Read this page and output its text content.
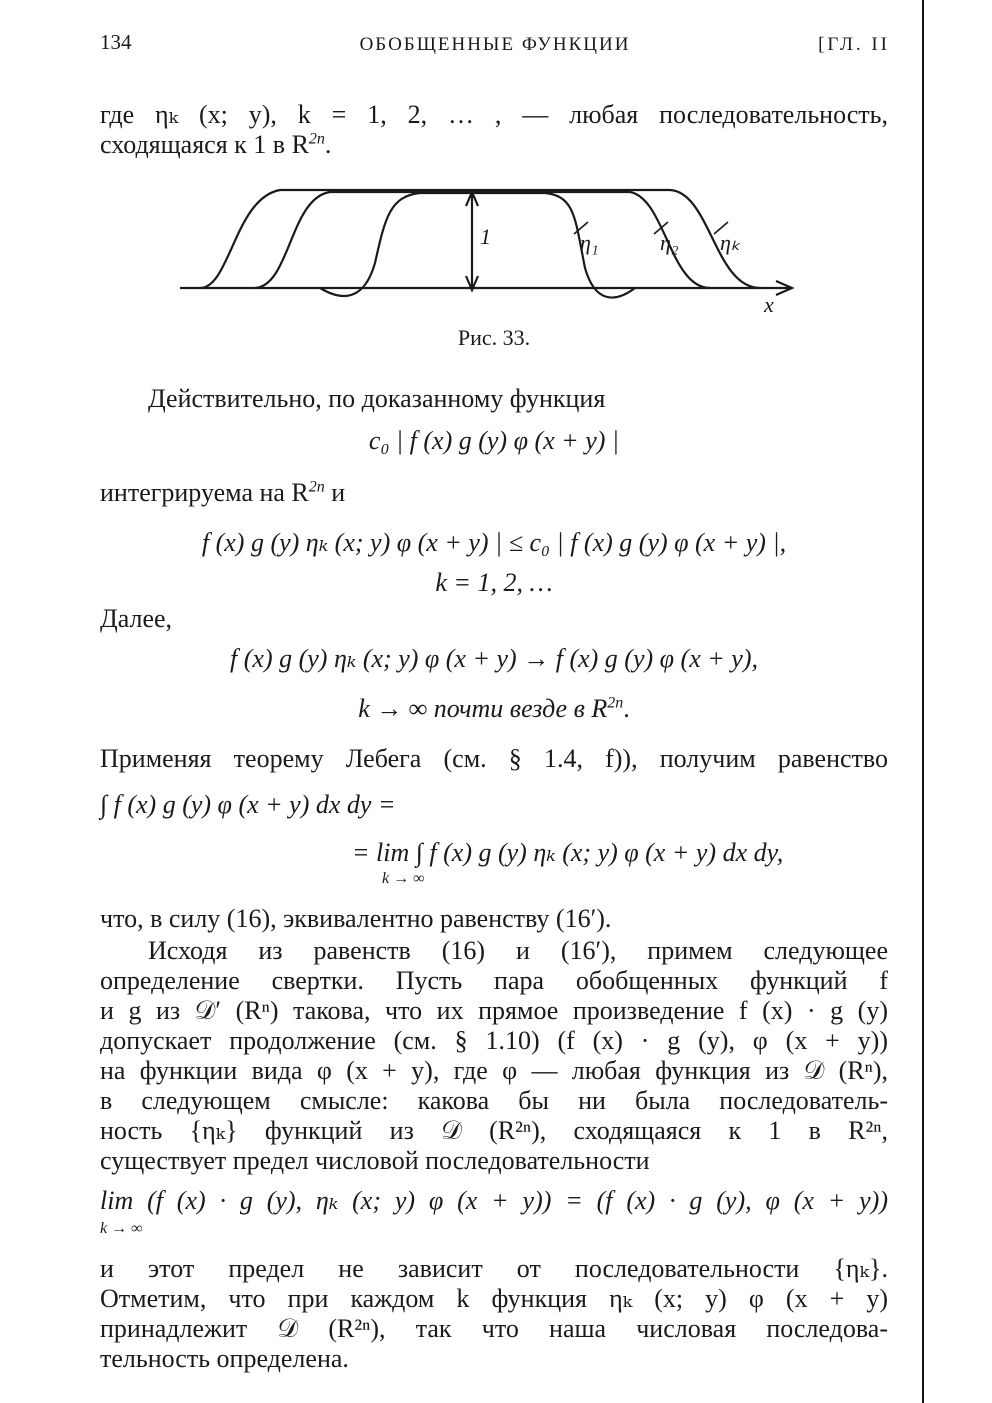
134	ОБОБЩЕННЫЕ ФУНКЦИИ	[ГЛ. II
где ηₖ (x; y), k = 1, 2, … , — любая последовательность,
сходящаяся к 1 в $R^{2n}$.
1	η₁	η₂ ηₖ
x
Рис. 33.
Действительно, по доказанному функция
c₀ | f (x) g (y) φ (x + y) |
интегрируема на $R^{2n}$ и
f (x) g (y) ηₖ (x; y) φ (x + y) | ≤ c₀ | f (x) g (y) φ (x + y) |,
k = 1, 2, …
Далее,
f (x) g (y) ηₖ (x; y) φ (x + y) → f (x) g (y) φ (x + y),
k → ∞ почти везде в $R^{2n}$.
Применяя теорему Лебега (см. § 1.4, f)), получим равенство
∫ f (x) g (y) φ (x + y) dx dy =
= lim ∫ f (x) g (y) ηₖ (x; y) φ (x + y) dx dy,
k → ∞
что, в силу (16), эквивалентно равенству (16′).
Исходя из равенств (16) и (16′), примем следующее
определение свертки. Пусть пара обобщенных функций f
и g из 𝒟′ (Rⁿ) такова, что их прямое произведение f (x) · g (y)
допускает продолжение (см. § 1.10) (f (x) · g (y), φ (x + y))
на функции вида φ (x + y), где φ — любая функция из 𝒟 (Rⁿ),
в следующем смысле: какова бы ни была последователь-
ность {ηₖ} функций из 𝒟 (R²ⁿ), сходящаяся к 1 в R²ⁿ,
существует предел числовой последовательности
lim (f (x) · g (y), ηₖ (x; y) φ (x + y)) = (f (x) · g (y), φ (x + y))
k → ∞
и этот предел не зависит от последовательности {ηₖ}.
Отметим, что при каждом k функция ηₖ (x; y) φ (x + y)
принадлежит 𝒟 (R²ⁿ), так что наша числовая последова-
тельность определена.
